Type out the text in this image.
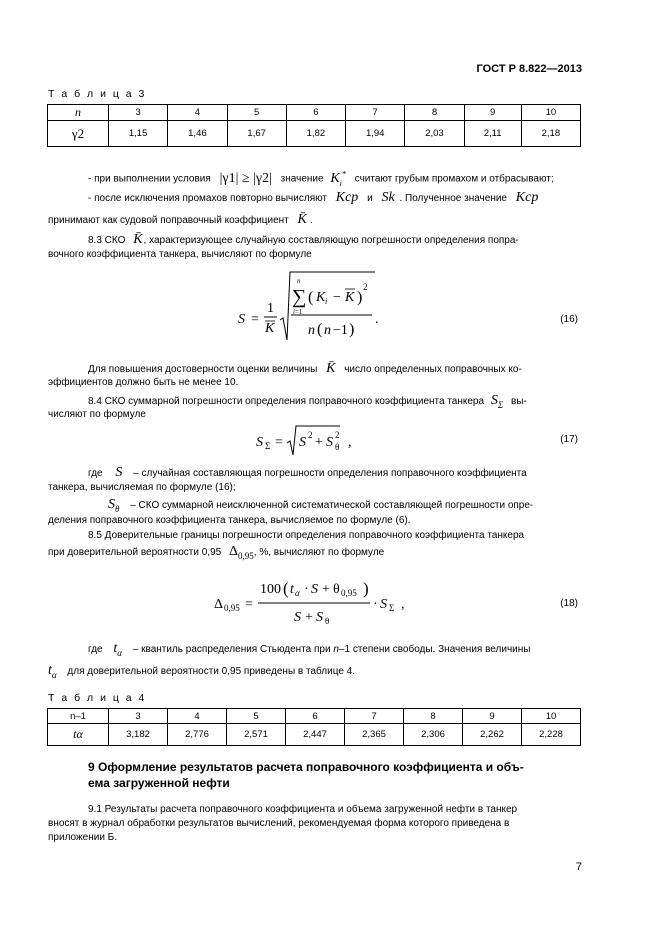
ГОСТ Р 8.822—2013
Т а б л и ц а 3
n	3	4	5	6	7	8	9	10
γ2	1,15	1,46	1,67	1,82	1,94	2,03	2,11	2,18
- при выполнении условия |γ1| ≥ |γ2| значение $K_i^*$ считают грубым промахом и отбрасывают;
- после исключения промахов повторно вычисляют Kср и Sk . Полученное значение Kср
принимают как судовой поправочный коэффициент K̄ .
8.3 СКО K̄, характеризующее случайную составляющую погрешности определения попра-
вочного коэффициента танкера, вычисляют по формуле
S =
1
K
∑
n
i=1
( K i − K )
2
n ( n −1 )
.	(16)
Для повышения достоверности оценки величины K̄ число определенных поправочных ко-
эффициентов должно быть не менее 10.
8.4 СКО суммарной погрешности определения поправочного коэффициента танкера $S_\Sigma$ вы-
числяют по формуле
S Σ = S 2 + S 2
θ ,	(17)
где S – случайная составляющая погрешности определения поправочного коэффициента
танкера, вычисляемая по формуле (16);
$S_\theta$ – СКО суммарной неисключенной систематической составляющей погрешности опре-
деления поправочного коэффициента танкера, вычисляемое по формуле (6).
8.5 Доверительные границы погрешности определения поправочного коэффициента танкера
при доверительной вероятности 0,95 $\Delta_{0,95}$, %, вычисляют по формуле
Δ 0,95 =
100 ( t α · S + θ 0,95 )
S + S θ
· S Σ ,	(18)
где $t_\alpha$ – квантиль распределения Стьюдента при n–1 степени свободы. Значения величины
$t_\alpha$ для доверительной вероятности 0,95 приведены в таблице 4.
Т а б л и ц а 4
n–1	3	4	5	6	7	8	9	10
tα	3,182	2,776	2,571	2,447	2,365	2,306	2,262	2,228
9 Оформление результатов расчета поправочного коэффициента и объ-
ема загруженной нефти
9.1 Результаты расчета поправочного коэффициента и объема загруженной нефти в танкер
вносят в журнал обработки результатов вычислений, рекомендуемая форма которого приведена в
приложении Б.
7
